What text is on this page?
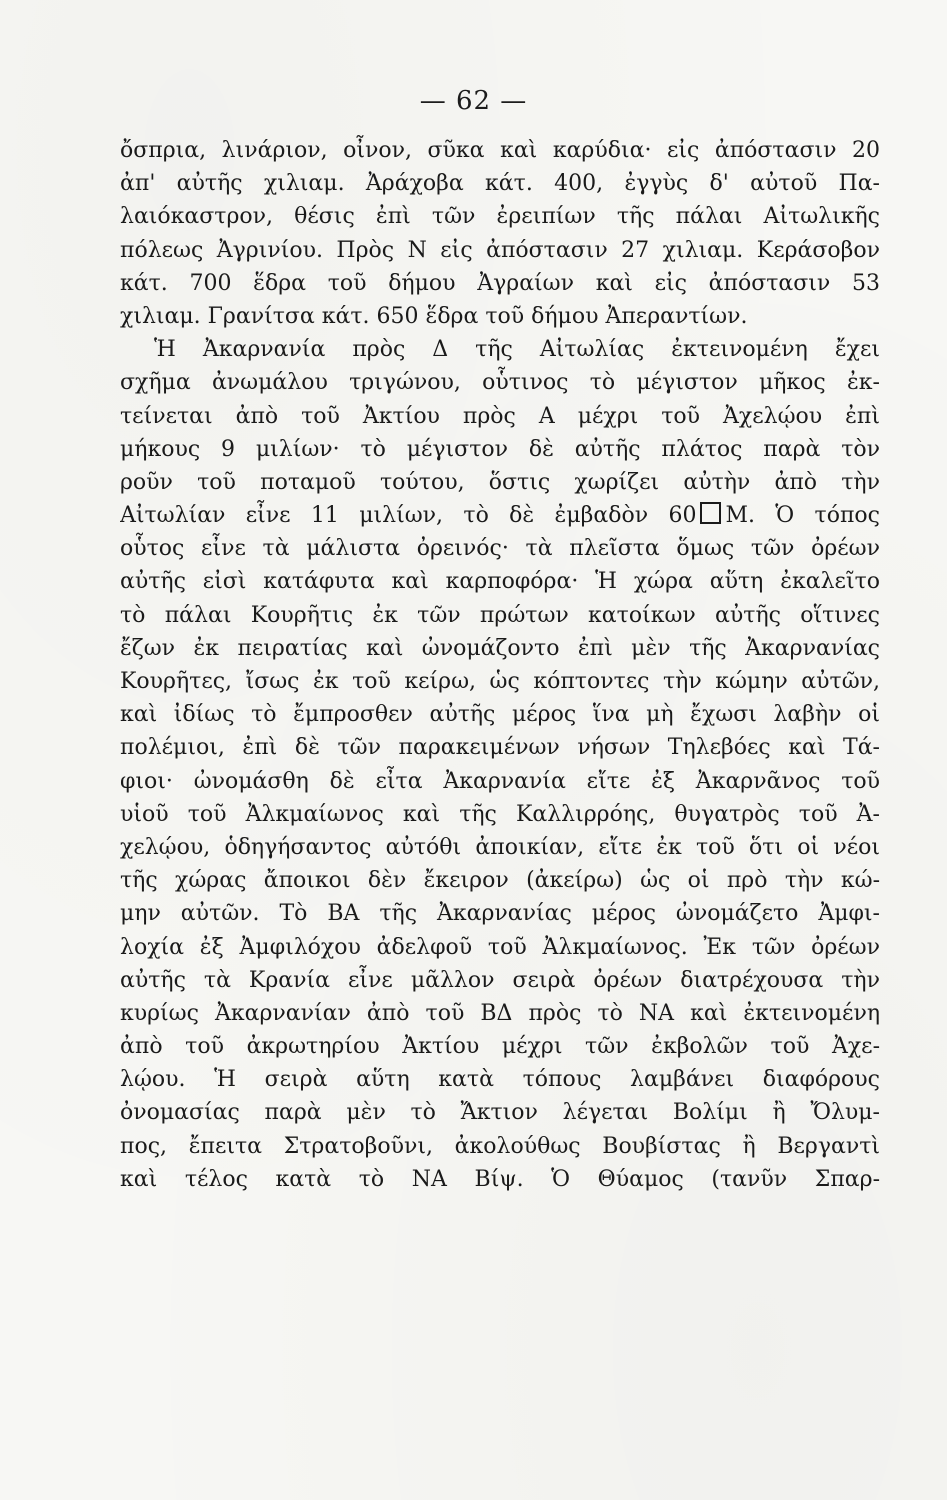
— 62 —
ὄσπρια, λινάριον, οἶνον, σῦκα καὶ καρύδια· εἰς ἀπόστασιν 20
ἀπ' αὐτῆς χιλιαμ. Ἀράχοβα κάτ. 400, ἐγγὺς δ' αὐτοῦ Πα-
λαιόκαστρον, θέσις ἐπὶ τῶν ἐρειπίων τῆς πάλαι Αἰτωλικῆς
πόλεως Ἀγρινίου. Πρὸς Ν εἰς ἀπόστασιν 27 χιλιαμ. Κεράσοβον
κάτ. 700 ἕδρα τοῦ δήμου Ἀγραίων καὶ εἰς ἀπόστασιν 53
χιλιαμ. Γρανίτσα κάτ. 650 ἕδρα τοῦ δήμου Ἀπεραντίων.
Ἡ Ἀκαρνανία πρὸς Δ τῆς Αἰτωλίας ἐκτεινομένη ἔχει
σχῆμα ἀνωμάλου τριγώνου, οὗτινος τὸ μέγιστον μῆκος ἐκ-
τείνεται ἀπὸ τοῦ Ἀκτίου πρὸς Α μέχρι τοῦ Ἀχελῴου ἐπὶ
μήκους 9 μιλίων· τὸ μέγιστον δὲ αὐτῆς πλάτος παρὰ τὸν
ροῦν τοῦ ποταμοῦ τούτου, ὅστις χωρίζει αὐτὴν ἀπὸ τὴν
Αἰτωλίαν εἶνε 11 μιλίων, τὸ δὲ ἐμβαδὸν 60 Μ. Ὁ τόπος
οὗτος εἶνε τὰ μάλιστα ὀρεινός· τὰ πλεῖστα ὅμως τῶν ὀρέων
αὐτῆς εἰσὶ κατάφυτα καὶ καρποφόρα· Ἡ χώρα αὕτη ἐκαλεῖτο
τὸ πάλαι Κουρῆτις ἐκ τῶν πρώτων κατοίκων αὐτῆς οἵτινες
ἔζων ἐκ πειρατίας καὶ ὠνομάζοντο ἐπὶ μὲν τῆς Ἀκαρνανίας
Κουρῆτες, ἴσως ἐκ τοῦ κείρω, ὡς κόπτοντες τὴν κώμην αὐτῶν,
καὶ ἰδίως τὸ ἔμπροσθεν αὐτῆς μέρος ἵνα μὴ ἔχωσι λαβὴν οἱ
πολέμιοι, ἐπὶ δὲ τῶν παρακειμένων νήσων Τηλεβόες καὶ Τά-
φιοι· ὠνομάσθη δὲ εἶτα Ἀκαρνανία εἴτε ἐξ Ἀκαρνᾶνος τοῦ
υἱοῦ τοῦ Ἀλκμαίωνος καὶ τῆς Καλλιρρόης, θυγατρὸς τοῦ Ἀ-
χελῴου, ὁδηγήσαντος αὐτόθι ἀποικίαν, εἴτε ἐκ τοῦ ὅτι οἱ νέοι
τῆς χώρας ἄποικοι δὲν ἔκειρον (ἀκείρω) ὡς οἱ πρὸ τὴν κώ-
μην αὐτῶν. Τὸ ΒΑ τῆς Ἀκαρνανίας μέρος ὠνομάζετο Ἀμφι-
λοχία ἐξ Ἀμφιλόχου ἀδελφοῦ τοῦ Ἀλκμαίωνος. Ἐκ τῶν ὀρέων
αὐτῆς τὰ Κρανία εἶνε μᾶλλον σειρὰ ὀρέων διατρέχουσα τὴν
κυρίως Ἀκαρνανίαν ἀπὸ τοῦ ΒΔ πρὸς τὸ ΝΑ καὶ ἐκτεινομένη
ἀπὸ τοῦ ἀκρωτηρίου Ἀκτίου μέχρι τῶν ἐκβολῶν τοῦ Ἀχε-
λῴου. Ἡ σειρὰ αὕτη κατὰ τόπους λαμβάνει διαφόρους
ὀνομασίας παρὰ μὲν τὸ Ἄκτιον λέγεται Βολίμι ἢ Ὄλυμ-
πος, ἔπειτα Στρατοβοῦνι, ἀκολούθως Βουβίστας ἢ Βεργαντὶ
καὶ τέλος κατὰ τὸ ΝΑ Βίψ. Ὁ Θύαμος (τανῦν Σπαρ-
